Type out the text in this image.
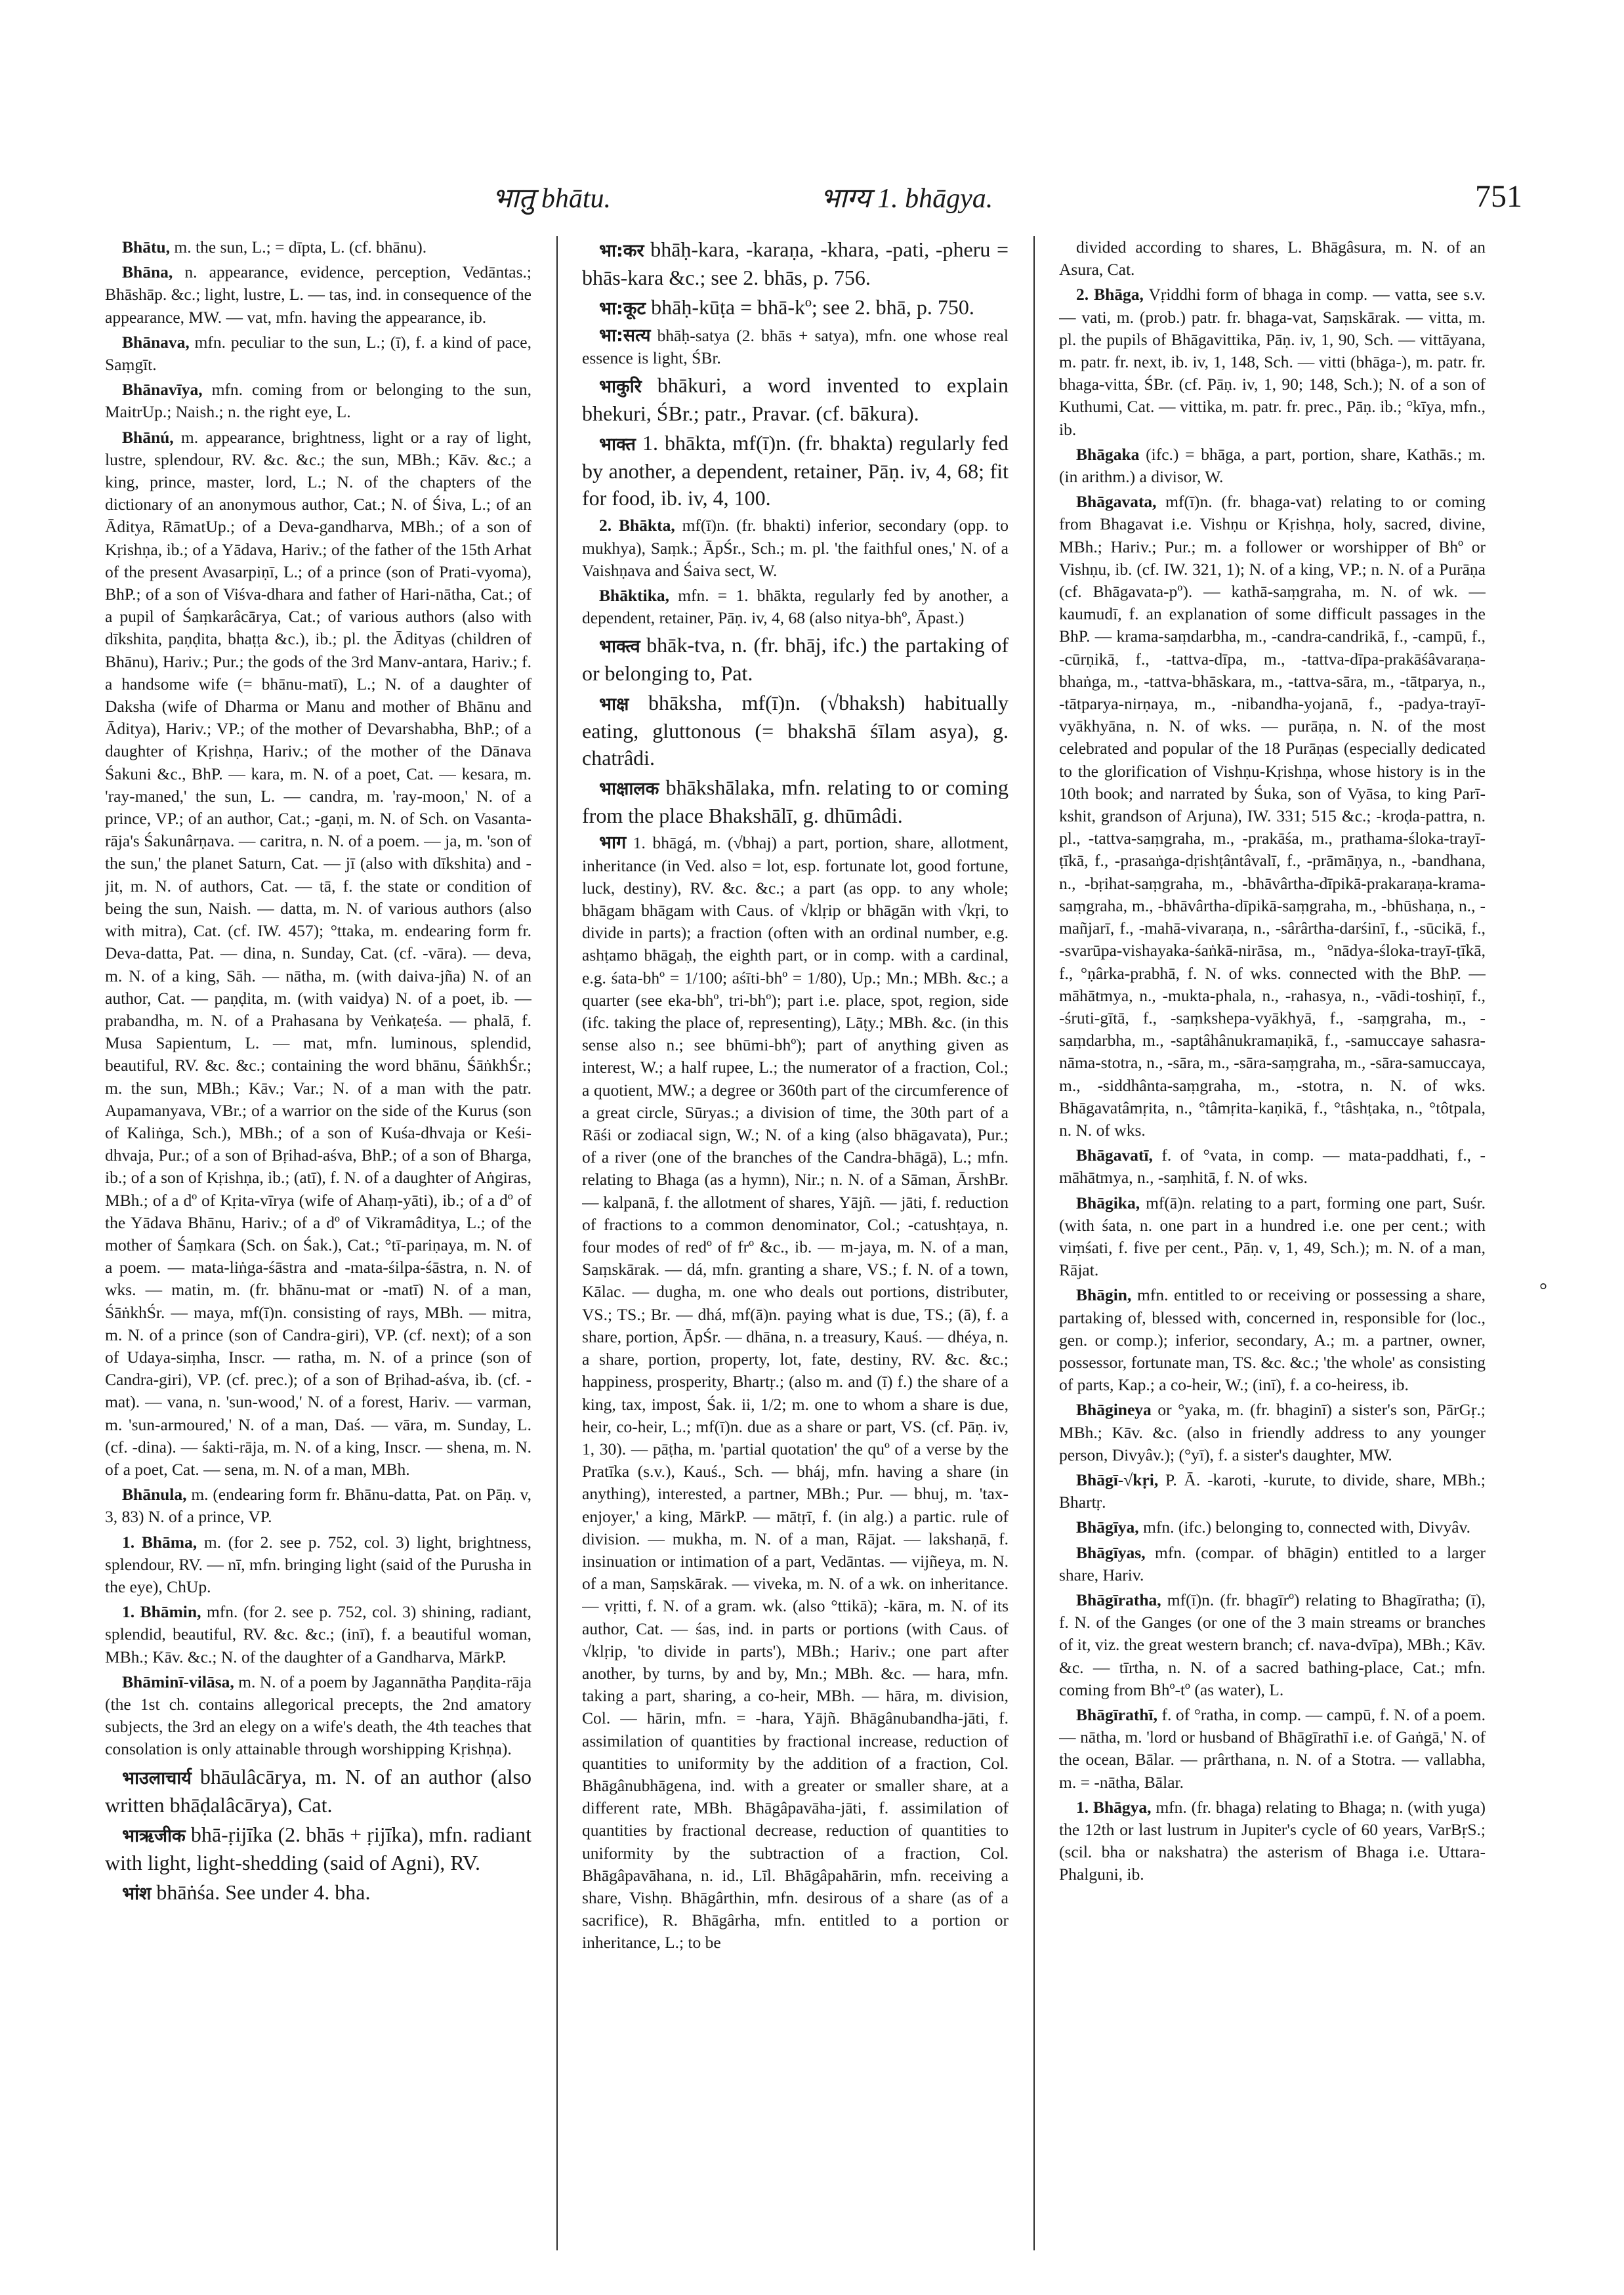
भातु bhātu.	भाग्य 1. bhāgya.	751

Bhātu, m. the sun, L.; = dīpta, L. (cf. bhānu).

Bhāna, n. appearance, evidence, perception, Vedāntas.; Bhāshāp. &c.; light, lustre, L. — tas, ind. in consequence of the appearance, MW. — vat, mfn. having the appearance, ib.

Bhānava, mfn. peculiar to the sun, L.; (ī), f. a kind of pace, Saṃgīt.

Bhānavīya, mfn. coming from or belonging to the sun, MaitrUp.; Naish.; n. the right eye, L.

Bhānú, m. appearance, brightness, light or a ray of light, lustre, splendour, RV. &c. &c.; the sun, MBh.; Kāv. &c.; a king, prince, master, lord, L.; N. of the chapters of the dictionary of an anonymous author, Cat.; N. of Śiva, L.; of an Āditya, RāmatUp.; of a Deva-gandharva, MBh.; of a son of Kṛishṇa, ib.; of a Yādava, Hariv.; of the father of the 15th Arhat of the present Avasarpiṇī, L.; of a prince (son of Prati-vyoma), BhP.; of a son of Viśva-dhara and father of Hari-nātha, Cat.; of a pupil of Śaṃkarâcārya, Cat.; of various authors (also with dīkshita, paṇḍita, bhaṭṭa &c.), ib.; pl. the Ādityas (children of Bhānu), Hariv.; Pur.; the gods of the 3rd Manv-antara, Hariv.; f. a handsome wife (= bhānu-matī), L.; N. of a daughter of Daksha (wife of Dharma or Manu and mother of Bhānu and Āditya), Hariv.; VP.; of the mother of Devarshabha, BhP.; of a daughter of Kṛishṇa, Hariv.; of the mother of the Dānava Śakuni &c., BhP. — kara, m. N. of a poet, Cat. — kesara, m. 'ray-maned,' the sun, L. — candra, m. 'ray-moon,' N. of a prince, VP.; of an author, Cat.; -gaṇi, m. N. of Sch. on Vasanta-rāja's Śakunârṇava. — caritra, n. N. of a poem. — ja, m. 'son of the sun,' the planet Saturn, Cat. — jī (also with dīkshita) and -jit, m. N. of authors, Cat. — tā, f. the state or condition of being the sun, Naish. — datta, m. N. of various authors (also with mitra), Cat. (cf. IW. 457); °ttaka, m. endearing form fr. Deva-datta, Pat. — dina, n. Sunday, Cat. (cf. -vāra). — deva, m. N. of a king, Sāh. — nātha, m. (with daiva-jña) N. of an author, Cat. — paṇḍita, m. (with vaidya) N. of a poet, ib. — prabandha, m. N. of a Prahasana by Veṅkaṭeśa. — phalā, f. Musa Sapientum, L. — mat, mfn. luminous, splendid, beautiful, RV. &c. &c.; containing the word bhānu, ŚāṅkhŚr.; m. the sun, MBh.; Kāv.; Var.; N. of a man with the patr. Aupamanyava, VBr.; of a warrior on the side of the Kurus (son of Kaliṅga, Sch.), MBh.; of a son of Kuśa-dhvaja or Keśi-dhvaja, Pur.; of a son of Bṛihad-aśva, BhP.; of a son of Bharga, ib.; of a son of Kṛishṇa, ib.; (atī), f. N. of a daughter of Aṅgiras, MBh.; of a dº of Kṛita-vīrya (wife of Ahaṃ-yāti), ib.; of a dº of the Yādava Bhānu, Hariv.; of a dº of Vikramâditya, L.; of the mother of Śaṃkara (Sch. on Śak.), Cat.; °tī-pariṇaya, m. N. of a poem. — mata-liṅga-śāstra and -mata-śilpa-śāstra, n. N. of wks. — matin, m. (fr. bhānu-mat or -matī) N. of a man, ŚāṅkhŚr. — maya, mf(ī)n. consisting of rays, MBh. — mitra, m. N. of a prince (son of Candra-giri), VP. (cf. next); of a son of Udaya-siṃha, Inscr. — ratha, m. N. of a prince (son of Candra-giri), VP. (cf. prec.); of a son of Bṛihad-aśva, ib. (cf. -mat). — vana, n. 'sun-wood,' N. of a forest, Hariv. — varman, m. 'sun-armoured,' N. of a man, Daś. — vāra, m. Sunday, L. (cf. -dina). — śakti-rāja, m. N. of a king, Inscr. — shena, m. N. of a poet, Cat. — sena, m. N. of a man, MBh.

Bhānula, m. (endearing form fr. Bhānu-datta, Pat. on Pāṇ. v, 3, 83) N. of a prince, VP.

1. Bhāma, m. (for 2. see p. 752, col. 3) light, brightness, splendour, RV. — nī, mfn. bringing light (said of the Purusha in the eye), ChUp.

1. Bhāmin, mfn. (for 2. see p. 752, col. 3) shining, radiant, splendid, beautiful, RV. &c. &c.; (inī), f. a beautiful woman, MBh.; Kāv. &c.; N. of the daughter of a Gandharva, MārkP.

Bhāminī-vilāsa, m. N. of a poem by Jagannātha Paṇḍita-rāja (the 1st ch. contains allegorical precepts, the 2nd amatory subjects, the 3rd an elegy on a wife's death, the 4th teaches that consolation is only attainable through worshipping Kṛishṇa).

भाउलाचार्य bhāulâcārya, m. N. of an author (also written bhāḍalâcārya), Cat.

भाऋजीक bhā-ṛijīka (2. bhās + ṛijīka), mfn. radiant with light, light-shedding (said of Agni), RV.

भांश bhāṅśa. See under 4. bha.

भा:कर bhāḥ-kara, -karaṇa, -khara, -pati, -pheru = bhās-kara &c.; see 2. bhās, p. 756.

भा:कूट bhāḥ-kūṭa = bhā-kº; see 2. bhā, p. 750.

भा:सत्य bhāḥ-satya (2. bhās + satya), mfn. one whose real essence is light, ŚBr.

भाकुरि bhākuri, a word invented to explain bhekuri, ŚBr.; patr., Pravar. (cf. bākura).

भाक्त 1. bhākta, mf(ī)n. (fr. bhakta) regularly fed by another, a dependent, retainer, Pāṇ. iv, 4, 68; fit for food, ib. iv, 4, 100.

2. Bhākta, mf(ī)n. (fr. bhakti) inferior, secondary (opp. to mukhya), Saṃk.; ĀpŚr., Sch.; m. pl. 'the faithful ones,' N. of a Vaishṇava and Śaiva sect, W.

Bhāktika, mfn. = 1. bhākta, regularly fed by another, a dependent, retainer, Pāṇ. iv, 4, 68 (also nitya-bhº, Āpast.)

भाक्त्व bhāk-tva, n. (fr. bhāj, ifc.) the partaking of or belonging to, Pat.

भाक्ष bhāksha, mf(ī)n. (√bhaksh) habitually eating, gluttonous (= bhakshā śīlam asya), g. chatrâdi.

भाक्षालक bhākshālaka, mfn. relating to or coming from the place Bhakshālī, g. dhūmâdi.

भाग 1. bhāgá, m. (√bhaj) a part, portion, share, allotment, inheritance (in Ved. also = lot, esp. fortunate lot, good fortune, luck, destiny), RV. &c. &c.; a part (as opp. to any whole; bhāgam bhāgam with Caus. of √klṛip or bhāgān with √kṛi, to divide in parts); a fraction (often with an ordinal number, e.g. ashṭamo bhāgaḥ, the eighth part, or in comp. with a cardinal, e.g. śata-bhº = 1/100; aśīti-bhº = 1/80), Up.; Mn.; MBh. &c.; a quarter (see eka-bhº, tri-bhº); part i.e. place, spot, region, side (ifc. taking the place of, representing), Lāṭy.; MBh. &c. (in this sense also n.; see bhūmi-bhº); part of anything given as interest, W.; a half rupee, L.; the numerator of a fraction, Col.; a quotient, MW.; a degree or 360th part of the circumference of a great circle, Sūryas.; a division of time, the 30th part of a Rāśi or zodiacal sign, W.; N. of a king (also bhāgavata), Pur.; of a river (one of the branches of the Candra-bhāgā), L.; mfn. relating to Bhaga (as a hymn), Nir.; n. N. of a Sāman, ĀrshBr. — kalpanā, f. the allotment of shares, Yājñ. — jāti, f. reduction of fractions to a common denominator, Col.; -catushṭaya, n. four modes of redº of frº &c., ib. — m-jaya, m. N. of a man, Saṃskārak. — dá, mfn. granting a share, VS.; f. N. of a town, Kālac. — dugha, m. one who deals out portions, distributer, VS.; TS.; Br. — dhá, mf(ā)n. paying what is due, TS.; (ā), f. a share, portion, ĀpŚr. — dhāna, n. a treasury, Kauś. — dhéya, n. a share, portion, property, lot, fate, destiny, RV. &c. &c.; happiness, prosperity, Bhartṛ.; (also m. and (ī) f.) the share of a king, tax, impost, Śak. ii, 1/2; m. one to whom a share is due, heir, co-heir, L.; mf(ī)n. due as a share or part, VS. (cf. Pāṇ. iv, 1, 30). — pāṭha, m. 'partial quotation' the quº of a verse by the Pratīka (s.v.), Kauś., Sch. — bháj, mfn. having a share (in anything), interested, a partner, MBh.; Pur. — bhuj, m. 'tax-enjoyer,' a king, MārkP. — mātṛī, f. (in alg.) a partic. rule of division. — mukha, m. N. of a man, Rājat. — lakshaṇā, f. insinuation or intimation of a part, Vedāntas. — vijñeya, m. N. of a man, Saṃskārak. — viveka, m. N. of a wk. on inheritance. — vṛitti, f. N. of a gram. wk. (also °ttikā); -kāra, m. N. of its author, Cat. — śas, ind. in parts or portions (with Caus. of √klṛip, 'to divide in parts'), MBh.; Hariv.; one part after another, by turns, by and by, Mn.; MBh. &c. — hara, mfn. taking a part, sharing, a co-heir, MBh. — hāra, m. division, Col. — hārin, mfn. = -hara, Yājñ. Bhāgânubandha-jāti, f. assimilation of quantities by fractional increase, reduction of quantities to uniformity by the addition of a fraction, Col. Bhāgânubhāgena, ind. with a greater or smaller share, at a different rate, MBh. Bhāgâpavāha-jāti, f. assimilation of quantities by fractional decrease, reduction of quantities to uniformity by the subtraction of a fraction, Col. Bhāgâpavāhana, n. id., Līl. Bhāgâpahārin, mfn. receiving a share, Vishṇ. Bhāgârthin, mfn. desirous of a share (as of a sacrifice), R. Bhāgârha, mfn. entitled to a portion or inheritance, L.; to be

divided according to shares, L. Bhāgâsura, m. N. of an Asura, Cat.

2. Bhāga, Vṛiddhi form of bhaga in comp. — vatta, see s.v. — vati, m. (prob.) patr. fr. bhaga-vat, Saṃskārak. — vitta, m. pl. the pupils of Bhāgavittika, Pāṇ. iv, 1, 90, Sch. — vittāyana, m. patr. fr. next, ib. iv, 1, 148, Sch. — vitti (bhāga-), m. patr. fr. bhaga-vitta, ŚBr. (cf. Pāṇ. iv, 1, 90; 148, Sch.); N. of a son of Kuthumi, Cat. — vittika, m. patr. fr. prec., Pāṇ. ib.; °kīya, mfn., ib.

Bhāgaka (ifc.) = bhāga, a part, portion, share, Kathās.; m. (in arithm.) a divisor, W.

Bhāgavata, mf(ī)n. (fr. bhaga-vat) relating to or coming from Bhagavat i.e. Vishṇu or Kṛishṇa, holy, sacred, divine, MBh.; Hariv.; Pur.; m. a follower or worshipper of Bhº or Vishṇu, ib. (cf. IW. 321, 1); N. of a king, VP.; n. N. of a Purāṇa (cf. Bhāgavata-pº). — kathā-saṃgraha, m. N. of wk. — kaumudī, f. an explanation of some difficult passages in the BhP. — krama-saṃdarbha, m., -candra-candrikā, f., -campū, f., -cūrṇikā, f., -tattva-dīpa, m., -tattva-dīpa-prakāśâvaraṇa-bhaṅga, m., -tattva-bhāskara, m., -tattva-sāra, m., -tātparya, n., -tātparya-nirṇaya, m., -nibandha-yojanā, f., -padya-trayī-vyākhyāna, n. N. of wks. — purāṇa, n. N. of the most celebrated and popular of the 18 Purāṇas (especially dedicated to the glorification of Vishṇu-Kṛishṇa, whose history is in the 10th book; and narrated by Śuka, son of Vyāsa, to king Parī-kshit, grandson of Arjuna), IW. 331; 515 &c.; -kroḍa-pattra, n. pl., -tattva-saṃgraha, m., -prakāśa, m., prathama-śloka-trayī-ṭīkā, f., -prasaṅga-dṛishṭântâvalī, f., -prāmāṇya, n., -bandhana, n., -bṛihat-saṃgraha, m., -bhāvârtha-dīpikā-prakaraṇa-krama-saṃgraha, m., -bhāvârtha-dīpikā-saṃgraha, m., -bhūshaṇa, n., -mañjarī, f., -mahā-vivaraṇa, n., -sârârtha-darśinī, f., -sūcikā, f., -svarūpa-vishayaka-śaṅkā-nirāsa, m., °nādya-śloka-trayī-ṭīkā, f., °ṇârka-prabhā, f. N. of wks. connected with the BhP. — māhātmya, n., -mukta-phala, n., -rahasya, n., -vādi-toshiṇī, f., -śruti-gītā, f., -saṃkshepa-vyākhyā, f., -saṃgraha, m., -saṃdarbha, m., -saptâhânukramaṇikā, f., -samuccaye sahasra-nāma-stotra, n., -sāra, m., -sāra-saṃgraha, m., -sāra-samuccaya, m., -siddhânta-saṃgraha, m., -stotra, n. N. of wks. Bhāgavatâmṛita, n., °tâmṛita-kaṇikā, f., °tâshṭaka, n., °tôtpala, n. N. of wks.

Bhāgavatī, f. of °vata, in comp. — mata-paddhati, f., -māhātmya, n., -saṃhitā, f. N. of wks.

Bhāgika, mf(ā)n. relating to a part, forming one part, Suśr. (with śata, n. one part in a hundred i.e. one per cent.; with viṃśati, f. five per cent., Pāṇ. v, 1, 49, Sch.); m. N. of a man, Rājat.

Bhāgin, mfn. entitled to or receiving or possessing a share, partaking of, blessed with, concerned in, responsible for (loc., gen. or comp.); inferior, secondary, A.; m. a partner, owner, possessor, fortunate man, TS. &c. &c.; 'the whole' as consisting of parts, Kap.; a co-heir, W.; (inī), f. a co-heiress, ib.

Bhāgineya or °yaka, m. (fr. bhaginī) a sister's son, PārGṛ.; MBh.; Kāv. &c. (also in friendly address to any younger person, Divyâv.); (°yī), f. a sister's daughter, MW.

Bhāgī-√kṛi, P. Ā. -karoti, -kurute, to divide, share, MBh.; Bhartṛ.

Bhāgīya, mfn. (ifc.) belonging to, connected with, Divyâv.

Bhāgīyas, mfn. (compar. of bhāgin) entitled to a larger share, Hariv.

Bhāgīratha, mf(ī)n. (fr. bhagīrº) relating to Bhagīratha; (ī), f. N. of the Ganges (or one of the 3 main streams or branches of it, viz. the great western branch; cf. nava-dvīpa), MBh.; Kāv. &c. — tīrtha, n. N. of a sacred bathing-place, Cat.; mfn. coming from Bhº-tº (as water), L.

Bhāgīrathī, f. of °ratha, in comp. — campū, f. N. of a poem. — nātha, m. 'lord or husband of Bhāgīrathī i.e. of Gaṅgā,' N. of the ocean, Bālar. — prârthana, n. N. of a Stotra. — vallabha, m. = -nātha, Bālar.

1. Bhāgya, mfn. (fr. bhaga) relating to Bhaga; n. (with yuga) the 12th or last lustrum in Jupiter's cycle of 60 years, VarBṛS.; (scil. bha or nakshatra) the asterism of Bhaga i.e. Uttara-Phalguni, ib.

°
